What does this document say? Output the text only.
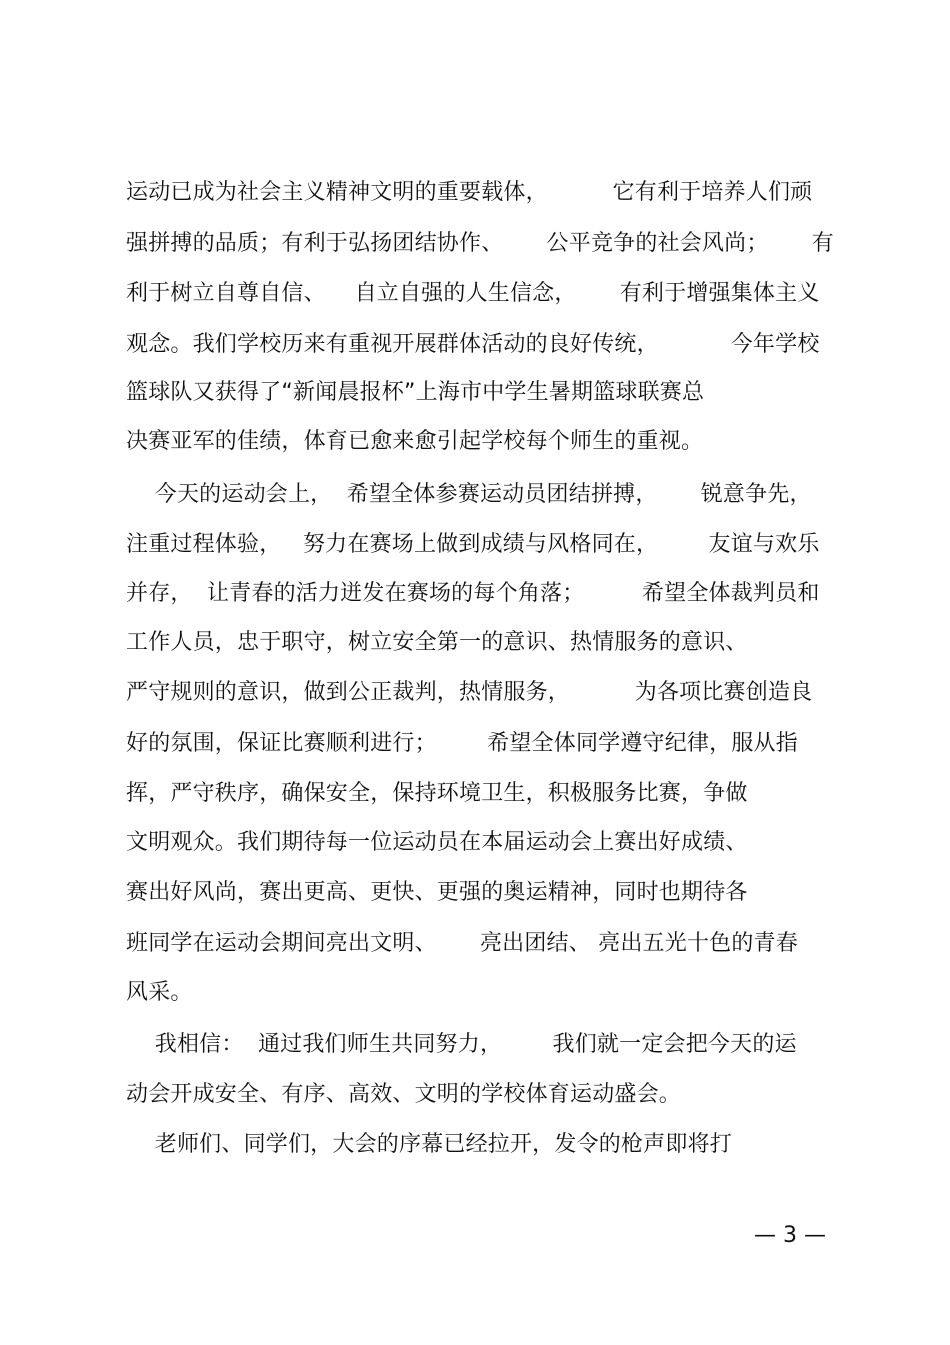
运动已成为社会主义精神文明的重要载体，         它有利于培养人们顽
强拼搏的品质；有利于弘扬团结协作、      公平竞争的社会风尚；      有
利于树立自尊自信、    自立自强的人生信念，      有利于增强集体主义
观念。我们学校历来有重视开展群体活动的良好传统，          今年学校
篮球队又获得了“新闻晨报杯”上海市中学生暑期篮球联赛总
决赛亚军的佳绩，体育已愈来愈引起学校每个师生的重视。
今天的运动会上，  希望全体参赛运动员团结拼搏，      锐意争先，
注重过程体验，   努力在赛场上做到成绩与风格同在，       友谊与欢乐
并存，  让青春的活力迸发在赛场的每个角落；        希望全体裁判员和
工作人员，忠于职守，树立安全第一的意识、热情服务的意识、
严守规则的意识，做到公正裁判，热情服务，         为各项比赛创造良
好的氛围，保证比赛顺利进行；       希望全体同学遵守纪律，服从指
挥，严守秩序，确保安全，保持环境卫生，积极服务比赛，争做
文明观众。我们期待每一位运动员在本届运动会上赛出好成绩、
赛出好风尚，赛出更高、更快、更强的奥运精神，同时也期待各
班同学在运动会期间亮出文明、      亮出团结、 亮出五光十色的青春
风采。
我相信：  通过我们师生共同努力，       我们就一定会把今天的运
动会开成安全、有序、高效、文明的学校体育运动盛会。
老师们、同学们，大会的序幕已经拉开，发令的枪声即将打
— 3 —
